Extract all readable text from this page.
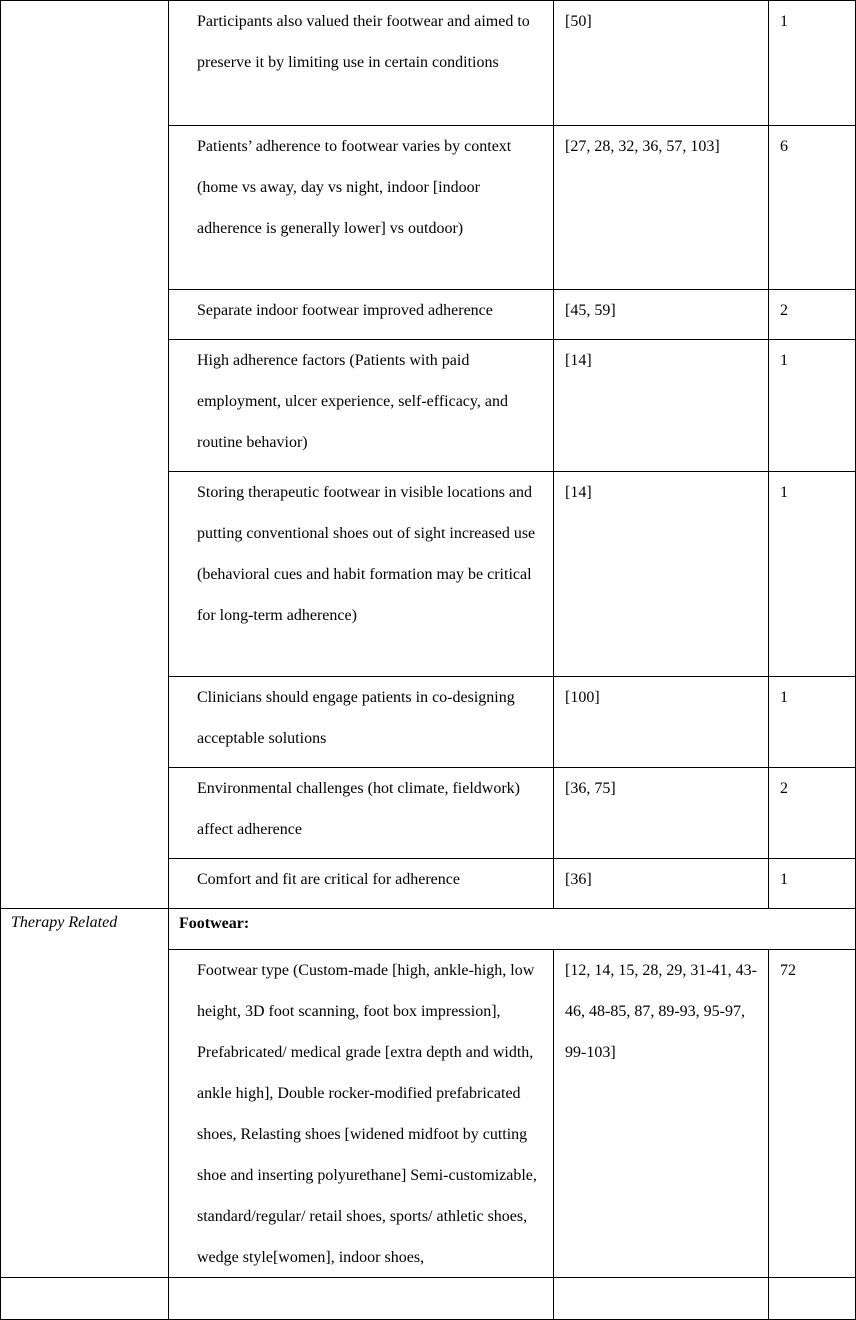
	Participants also valued their footwear and aimed to preserve it by limiting use in certain conditions	[50]	1
	Patients’ adherence to footwear varies by context (home vs away, day vs night, indoor [indoor adherence is generally lower] vs outdoor)	[27, 28, 32, 36, 57, 103]	6
	Separate indoor footwear improved adherence	[45, 59]	2
	High adherence factors (Patients with paid employment, ulcer experience, self-efficacy, and routine behavior)	[14]	1
	Storing therapeutic footwear in visible locations and putting conventional shoes out of sight increased use (behavioral cues and habit formation may be critical for long-term adherence)	[14]	1
	Clinicians should engage patients in co-designing acceptable solutions	[100]	1
	Environmental challenges (hot climate, fieldwork) affect adherence	[36, 75]	2
	Comfort and fit are critical for adherence	[36]	1
Therapy Related	Footwear:		
	Footwear type (Custom-made [high, ankle-high, low height, 3D foot scanning, foot box impression], Prefabricated/ medical grade [extra depth and width, ankle high], Double rocker-modified prefabricated shoes, Relasting shoes [widened midfoot by cutting shoe and inserting polyurethane] Semi-customizable, standard/regular/ retail shoes, sports/ athletic shoes, wedge style[women], indoor shoes,	[12, 14, 15, 28, 29, 31-41, 43-46, 48-85, 87, 89-93, 95-97, 99-103]	72
